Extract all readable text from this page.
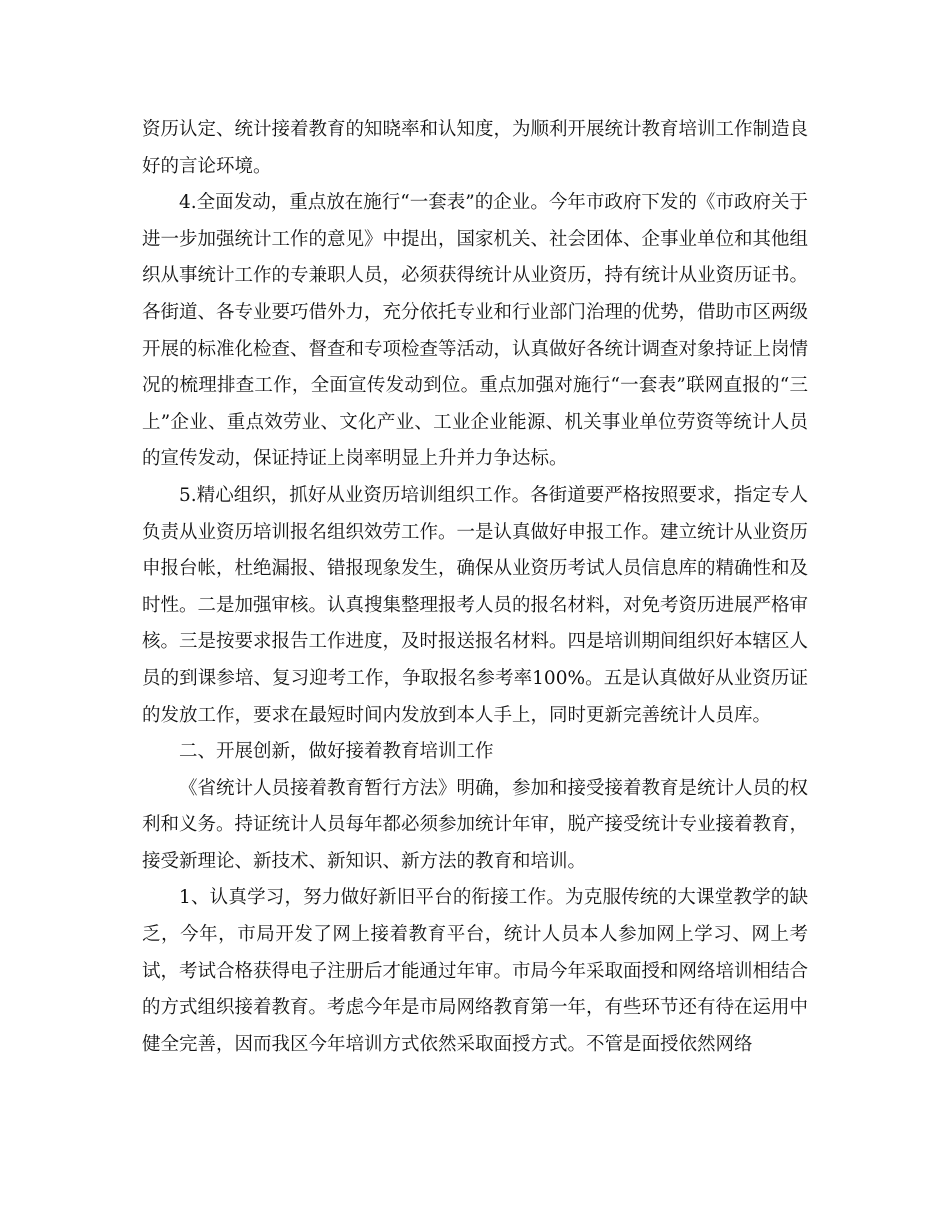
资历认定、统计接着教育的知晓率和认知度，为顺利开展统计教育培训工作制造良好的言论环境。

4.全面发动，重点放在施行“一套表”的企业。今年市政府下发的《市政府关于进一步加强统计工作的意见》中提出，国家机关、社会团体、企事业单位和其他组织从事统计工作的专兼职人员，必须获得统计从业资历，持有统计从业资历证书。各街道、各专业要巧借外力，充分依托专业和行业部门治理的优势，借助市区两级开展的标准化检查、督查和专项检查等活动，认真做好各统计调查对象持证上岗情况的梳理排查工作，全面宣传发动到位。重点加强对施行“一套表”联网直报的“三上”企业、重点效劳业、文化产业、工业企业能源、机关事业单位劳资等统计人员的宣传发动，保证持证上岗率明显上升并力争达标。

5.精心组织，抓好从业资历培训组织工作。各街道要严格按照要求，指定专人负责从业资历培训报名组织效劳工作。一是认真做好申报工作。建立统计从业资历申报台帐，杜绝漏报、错报现象发生，确保从业资历考试人员信息库的精确性和及时性。二是加强审核。认真搜集整理报考人员的报名材料，对免考资历进展严格审核。三是按要求报告工作进度，及时报送报名材料。四是培训期间组织好本辖区人员的到课参培、复习迎考工作，争取报名参考率100%。五是认真做好从业资历证的发放工作，要求在最短时间内发放到本人手上，同时更新完善统计人员库。

二、开展创新，做好接着教育培训工作

《省统计人员接着教育暂行方法》明确，参加和接受接着教育是统计人员的权利和义务。持证统计人员每年都必须参加统计年审，脱产接受统计专业接着教育，接受新理论、新技术、新知识、新方法的教育和培训。

1、认真学习，努力做好新旧平台的衔接工作。为克服传统的大课堂教学的缺乏，今年，市局开发了网上接着教育平台，统计人员本人参加网上学习、网上考试，考试合格获得电子注册后才能通过年审。市局今年采取面授和网络培训相结合的方式组织接着教育。考虑今年是市局网络教育第一年，有些环节还有待在运用中健全完善，因而我区今年培训方式依然采取面授方式。不管是面授依然网络
